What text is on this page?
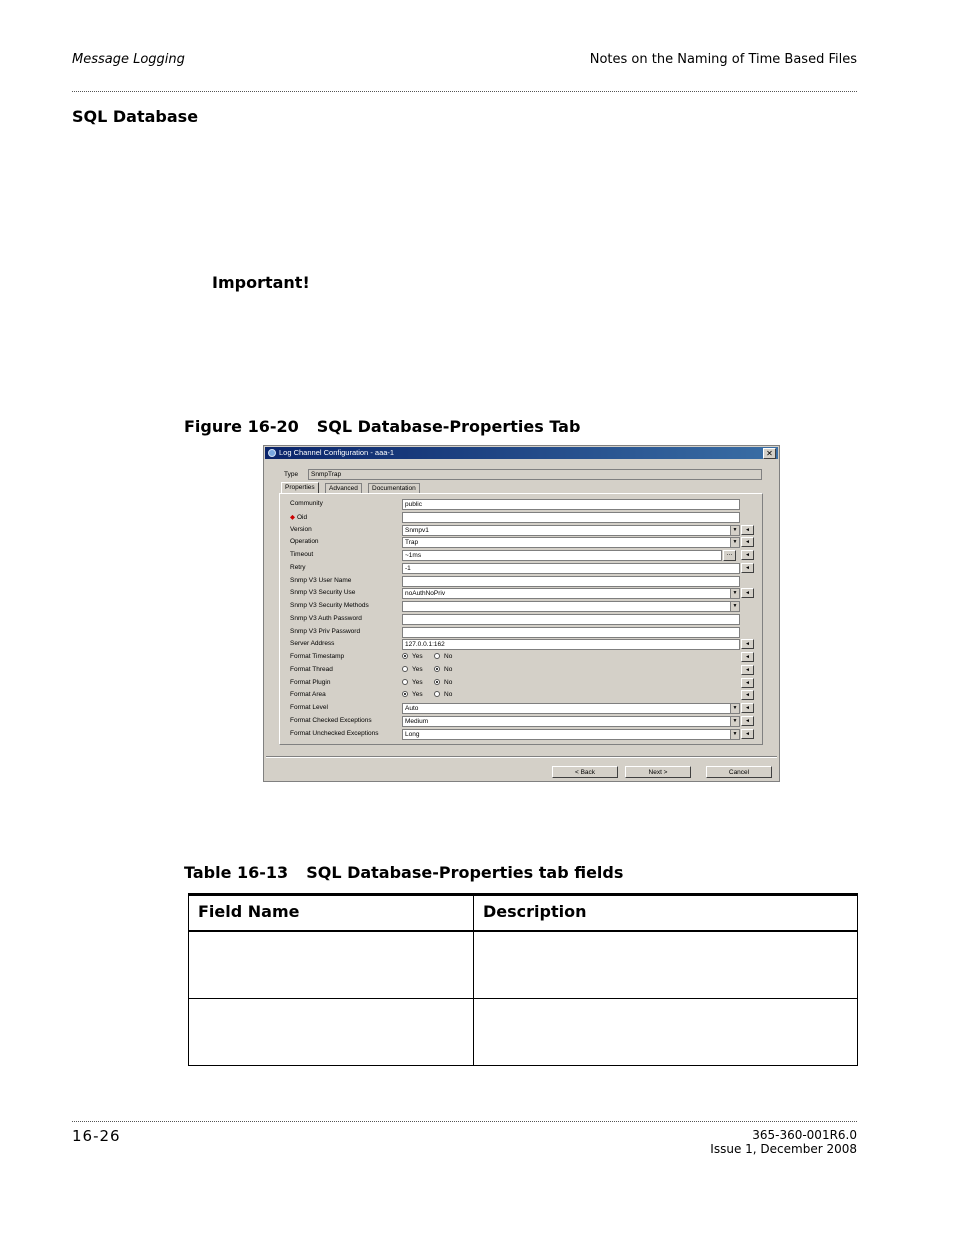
Message Logging	Notes on the Naming of Time Based Files
SQL Database
Important!
Figure 16-20 SQL Database-Properties Tab
Log Channel Configuration - aaa-1	✕
Type	SnmpTrap
Properties	Advanced	Documentation
Community	public
◆ Oid
Version	Snmpv1	▼	◄
Operation	Trap	▼	◄
Timeout	~1ms	...	◄
Retry	-1	◄
Snmp V3 User Name
Snmp V3 Security Use	noAuthNoPriv	▼	◄
Snmp V3 Security Methods	▼
Snmp V3 Auth Password
Snmp V3 Priv Password
Server Address	127.0.0.1:162	◄
Format Timestamp	Yes	No	◄
Format Thread	Yes	No	◄
Format Plugin	Yes	No	◄
Format Area	Yes	No	◄
Format Level	Auto	▼	◄
Format Checked Exceptions	Medium	▼	◄
Format Unchecked Exceptions	Long	▼	◄
< Back	Next >	Cancel
Table 16-13 SQL Database-Properties tab fields
Field Name	Description

16-26	365-360-001R6.0
Issue 1, December 2008
